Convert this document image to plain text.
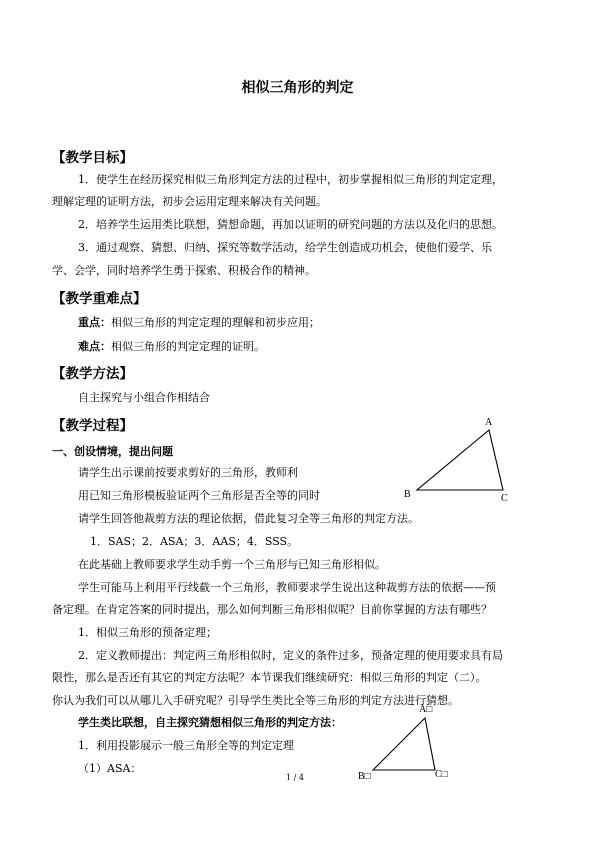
相似三角形的判定
【教学目标】
1．使学生在经历探究相似三角形判定方法的过程中，初步掌握相似三角形的判定定理，
理解定理的证明方法，初步会运用定理来解决有关问题。
2．培养学生运用类比联想，猜想命题，再加以证明的研究问题的方法以及化归的思想。
3．通过观察、猜想、归纳、探究等数学活动，给学生创造成功机会，使他们爱学、乐
学、会学，同时培养学生勇于探索、积极合作的精神。
【教学重难点】
重点：相似三角形的判定定理的理解和初步应用；
难点：相似三角形的判定定理的证明。
【教学方法】
自主探究与小组合作相结合
【教学过程】
一、创设情境，提出问题
请学生出示课前按要求剪好的三角形，教师利
用已知三角形模板验证两个三角形是否全等的同时
请学生回答他裁剪方法的理论依据，借此复习全等三角形的判定方法。
1．SAS；2．ASA；3．AAS；4．SSS。
在此基础上教师要求学生动手剪一个三角形与已知三角形相似。
学生可能马上利用平行线截一个三角形，教师要求学生说出这种裁剪方法的依据——预
备定理。在肯定答案的同时提出，那么如何判断三角形相似呢？目前你掌握的方法有哪些？
1．相似三角形的预备定理；
2．定义教师提出：判定两三角形相似时，定义的条件过多，预备定理的使用要求具有局
限性，那么是否还有其它的判定方法呢？本节课我们继续研究：相似三角形的判定（二）。
你认为我们可以从哪儿入手研究呢？引导学生类比全等三角形的判定方法进行猜想。
学生类比联想，自主探究猜想相似三角形的判定方法：
1．利用投影展示一般三角形全等的判定定理
（1）ASA：
A
B	C
A□
B□	C□
1 / 4
